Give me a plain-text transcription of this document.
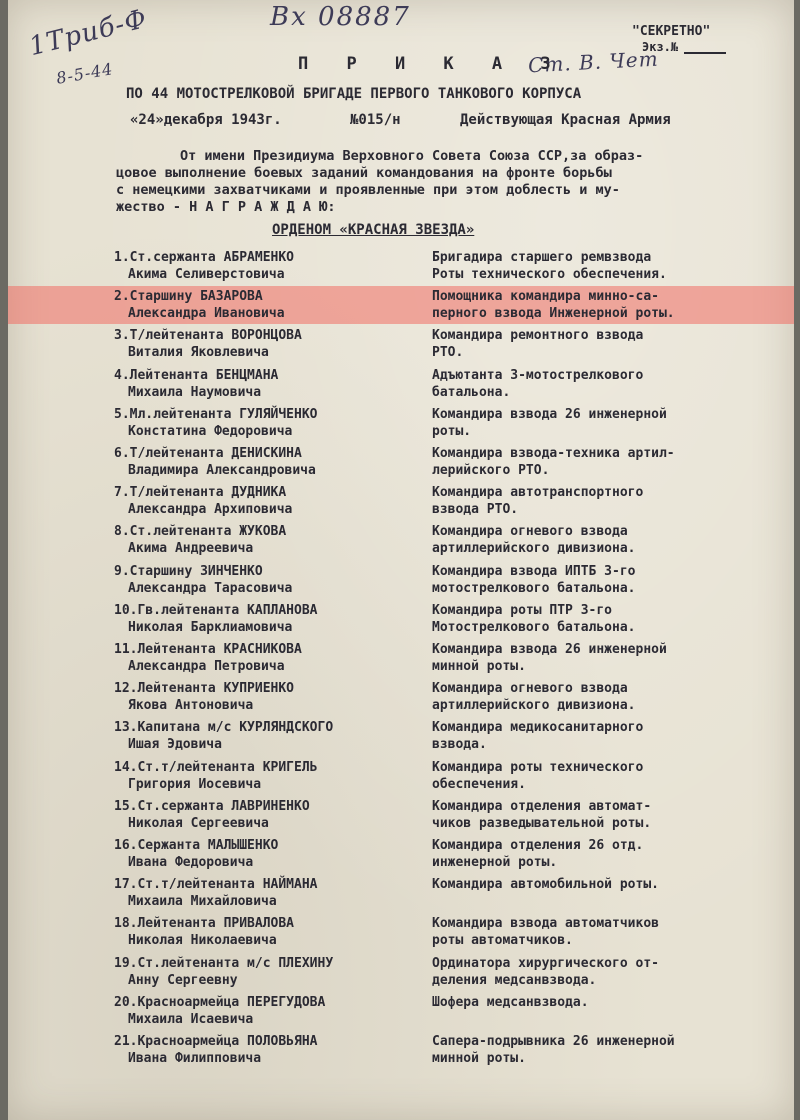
1Триб-Ф
8-5-44
Вх 08887
Ст. В. Чет
"СЕКРЕТНО"
Экз.№
П Р И К А З
ПО 44 МОТОСТРЕЛКОВОЙ БРИГАДЕ ПЕРВОГО ТАНКОВОГО КОРПУСА
«24»декабря 1943г.	№015/н	Действующая Красная Армия
От имени Президиума Верховного Совета Союза ССР,за образ-
цовое выполнение боевых заданий командования на фронте борьбы
с немецкими захватчиками и проявленные при этом доблесть и му-
жество - Н А Г Р А Ж Д А Ю:
ОРДЕНОМ «КРАСНАЯ ЗВЕЗДА»
1.Ст.сержанта АБРАМЕНКО
Акима Селиверстовича
Бригадира старшего ремвзвода
Роты технического обеспечения.
2.Старшину БАЗАРОВА
Александра Ивановича
Помощника командира минно-са-
перного взвода Инженерной роты.
3.Т/лейтенанта ВОРОНЦОВА
Виталия Яковлевича
Командира ремонтного взвода
РТО.
4.Лейтенанта БЕНЦМАНА
Михаила Наумовича
Адъютанта 3-мотострелкового
батальона.
5.Мл.лейтенанта ГУЛЯЙЧЕНКО
Констатина Федоровича
Командира взвода 26 инженерной
роты.
6.Т/лейтенанта ДЕНИСКИНА
Владимира Александровича
Командира взвода-техника артил-
лерийского РТО.
7.Т/лейтенанта ДУДНИКА
Александра Архиповича
Командира автотранспортного
взвода РТО.
8.Ст.лейтенанта ЖУКОВА
Акима Андреевича
Командира огневого взвода
артиллерийского дивизиона.
9.Старшину ЗИНЧЕНКО
Александра Тарасовича
Командира взвода ИПТБ 3-го
мотострелкового батальона.
10.Гв.лейтенанта КАПЛАНОВА
Николая Барклиамовича
Командира роты ПТР 3-го
Мотострелкового батальона.
11.Лейтенанта КРАСНИКОВА
Александра Петровича
Командира взвода 26 инженерной
минной роты.
12.Лейтенанта КУПРИЕНКО
Якова Антоновича
Командира огневого взвода
артиллерийского дивизиона.
13.Капитана м/с КУРЛЯНДСКОГО
Ишая Эдовича
Командира медикосанитарного
взвода.
14.Ст.т/лейтенанта КРИГЕЛЬ
Григория Иосевича
Командира роты технического
обеспечения.
15.Ст.сержанта ЛАВРИНЕНКО
Николая Сергеевича
Командира отделения автомат-
чиков разведывательной роты.
16.Сержанта МАЛЫШЕНКО
Ивана Федоровича
Командира отделения 26 отд.
инженерной роты.
17.Ст.т/лейтенанта НАЙМАНА
Михаила Михайловича
Командира автомобильной роты.
18.Лейтенанта ПРИВАЛОВА
Николая Николаевича
Командира взвода автоматчиков
роты автоматчиков.
19.Ст.лейтенанта м/с ПЛЕХИНУ
Анну Сергеевну
Ординатора хирургического от-
деления медсанвзвода.
20.Красноармейца ПЕРЕГУДОВА
Михаила Исаевича
Шофера медсанвзвода.
21.Красноармейца ПОЛОВЬЯНА
Ивана Филипповича
Сапера-подрывника 26 инженерной
минной роты.
